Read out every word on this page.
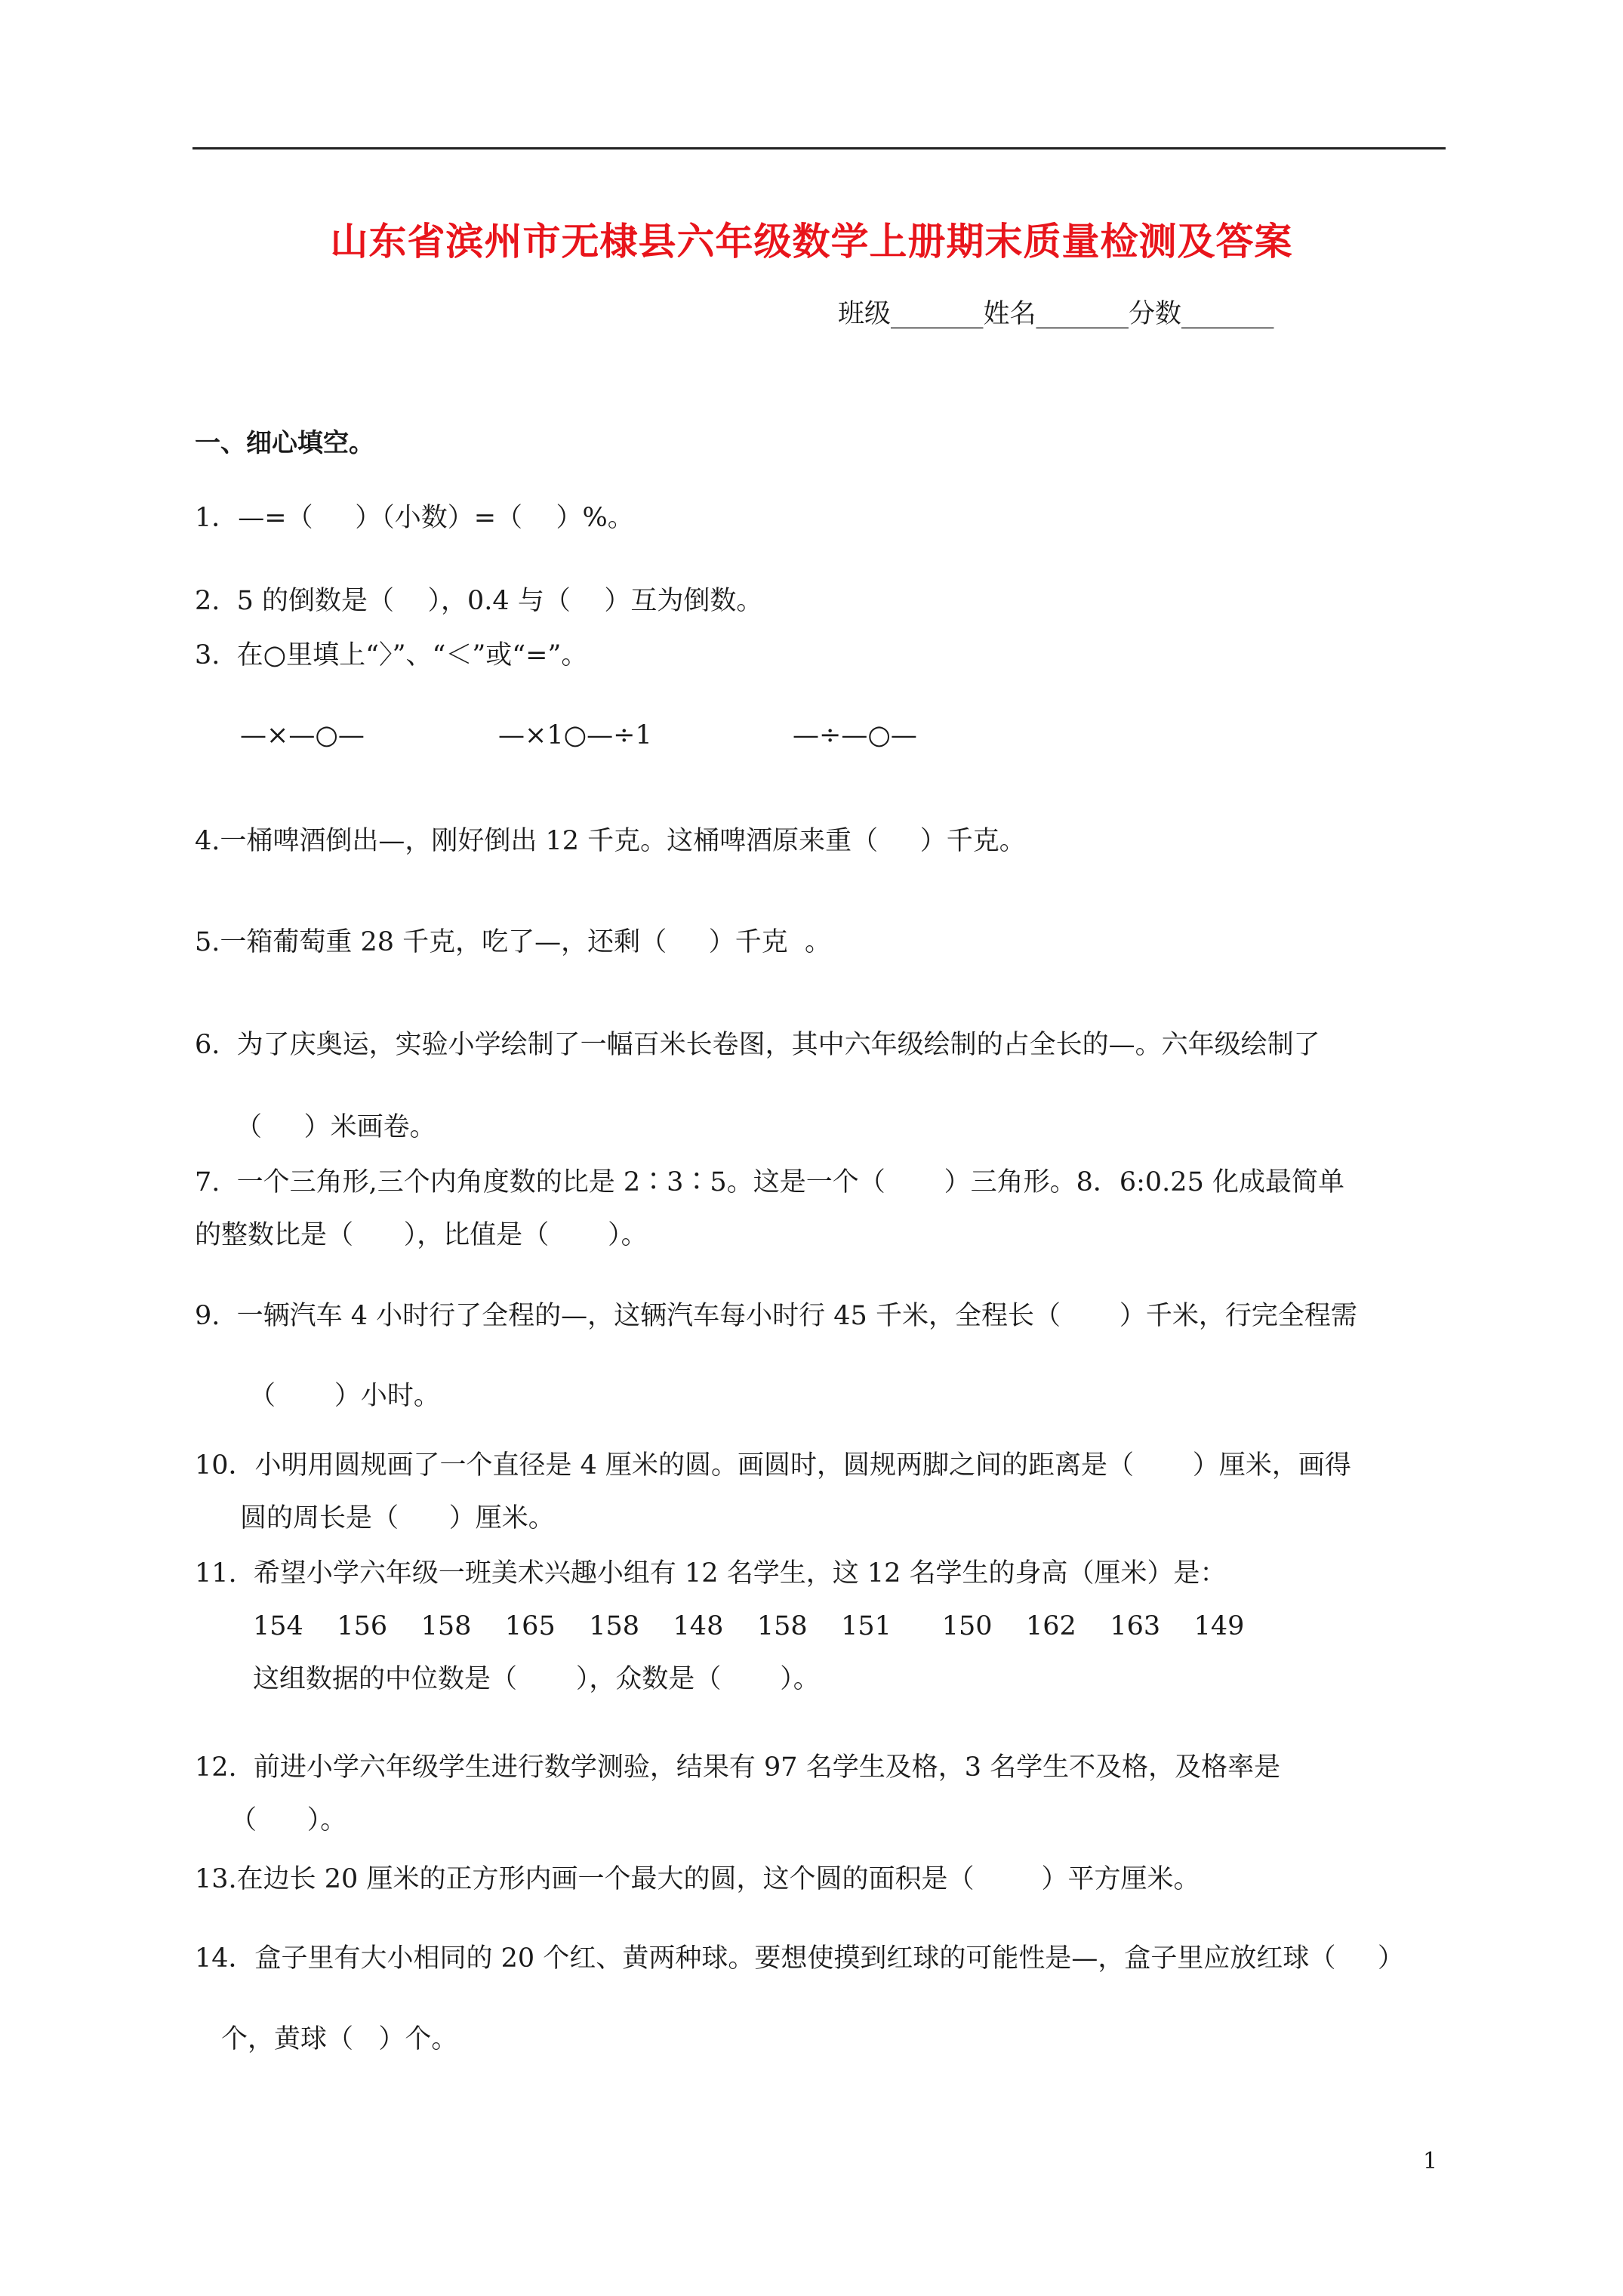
山东省滨州市无棣县六年级数学上册期末质量检测及答案
班级_______姓名_______分数_______
一、细心填空。
1．—=（     ）（小数）=（    ）%。
2.  5 的倒数是（    ），0.4 与（    ）互为倒数。
3.  在○里填上“〉”、“＜”或“=”。
—×—○—	—×1○—÷1	—÷—○—
4.一桶啤酒倒出—，刚好倒出 12 千克。这桶啤酒原来重（     ）千克。
5.一箱葡萄重 28 千克，吃了—，还剩（     ）千克  。
6.  为了庆奥运，实验小学绘制了一幅百米长卷图，其中六年级绘制的占全长的—。六年级绘制了
（     ）米画卷。
7.  一个三角形,三个内角度数的比是 2∶3∶5。这是一个（       ）三角形。8．6:0.25 化成最简单
的整数比是（      ），比值是（       ）。
9.  一辆汽车 4 小时行了全程的—，这辆汽车每小时行 45 千米，全程长（       ）千米，行完全程需
（       ）小时。
10．小明用圆规画了一个直径是 4 厘米的圆。画圆时，圆规两脚之间的距离是（       ）厘米，画得
圆的周长是（      ）厘米。
11.  希望小学六年级一班美术兴趣小组有 12 名学生，这 12 名学生的身高（厘米）是：
154    156    158    165    158    148    158    151      150    162    163    149
这组数据的中位数是（       ），众数是（       ）。
12.  前进小学六年级学生进行数学测验，结果有 97 名学生及格，3 名学生不及格，及格率是
（      ）。
13.在边长 20 厘米的正方形内画一个最大的圆，这个圆的面积是（        ）平方厘米。
14．盒子里有大小相同的 20 个红、黄两种球。要想使摸到红球的可能性是—，盒子里应放红球（     ）
个，黄球（   ）个。
1
